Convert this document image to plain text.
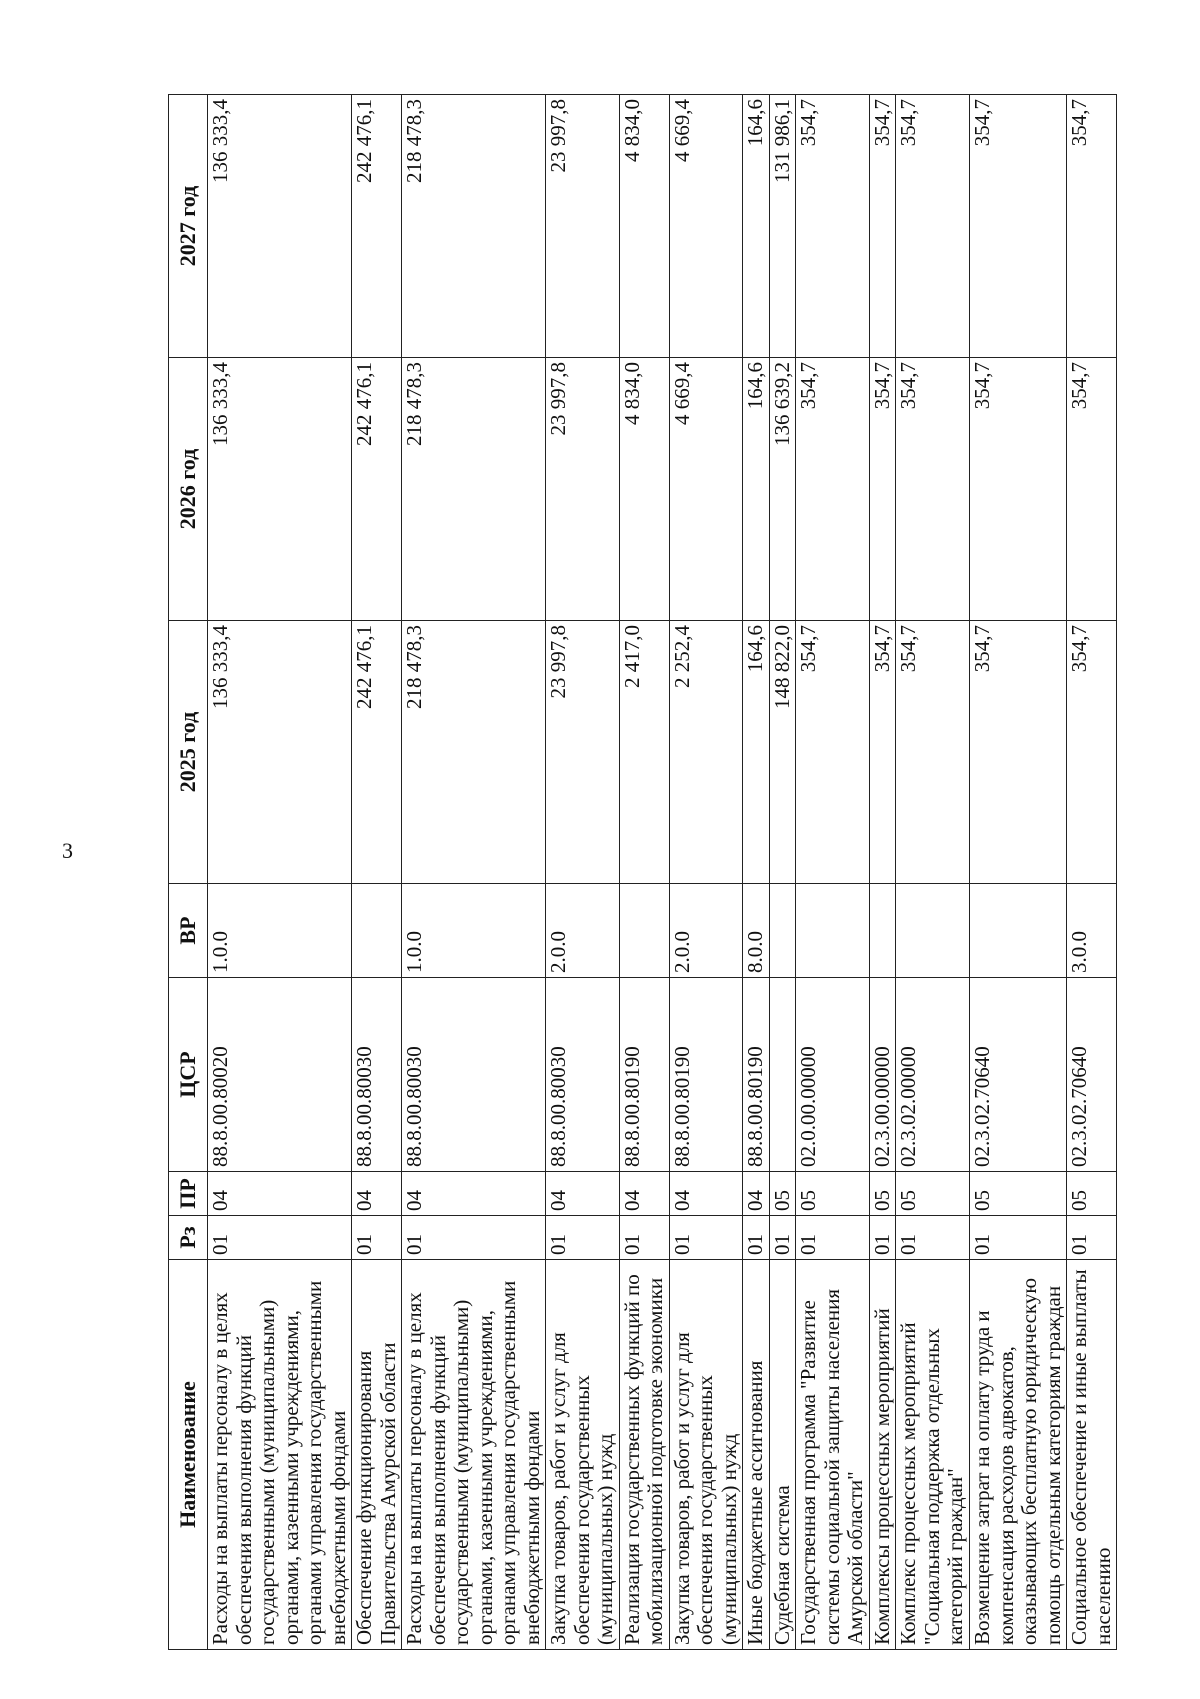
3
Наименование	Рз	ПР	ЦСР	ВР	2025 год	2026 год	2027 год
Расходы на выплаты персоналу в целях обеспечения выполнения функций государственными (муниципальными) органами, казенными учреждениями, органами управления государственными внебюджетными фондами	01	04	88.8.00.80020	1.0.0	136 333,4	136 333,4	136 333,4
Обеспечение функционирования Правительства Амурской области	01	04	88.8.00.80030		242 476,1	242 476,1	242 476,1
Расходы на выплаты персоналу в целях обеспечения выполнения функций государственными (муниципальными) органами, казенными учреждениями, органами управления государственными внебюджетными фондами	01	04	88.8.00.80030	1.0.0	218 478,3	218 478,3	218 478,3
Закупка товаров, работ и услуг для обеспечения государственных (муниципальных) нужд	01	04	88.8.00.80030	2.0.0	23 997,8	23 997,8	23 997,8
Реализация государственных функций по мобилизационной подготовке экономики	01	04	88.8.00.80190		2 417,0	4 834,0	4 834,0
Закупка товаров, работ и услуг для обеспечения государственных (муниципальных) нужд	01	04	88.8.00.80190	2.0.0	2 252,4	4 669,4	4 669,4
Иные бюджетные ассигнования	01	04	88.8.00.80190	8.0.0	164,6	164,6	164,6
Судебная система	01	05			148 822,0	136 639,2	131 986,1
Государственная программа "Развитие системы социальной защиты населения Амурской области"	01	05	02.0.00.00000		354,7	354,7	354,7
Комплексы процессных мероприятий	01	05	02.3.00.00000		354,7	354,7	354,7
Комплекс процессных мероприятий "Социальная поддержка отдельных категорий граждан"	01	05	02.3.02.00000		354,7	354,7	354,7
Возмещение затрат на оплату труда и компенсация расходов адвокатов, оказывающих бесплатную юридическую помощь отдельным категориям граждан	01	05	02.3.02.70640		354,7	354,7	354,7
Социальное обеспечение и иные выплаты населению	01	05	02.3.02.70640	3.0.0	354,7	354,7	354,7
